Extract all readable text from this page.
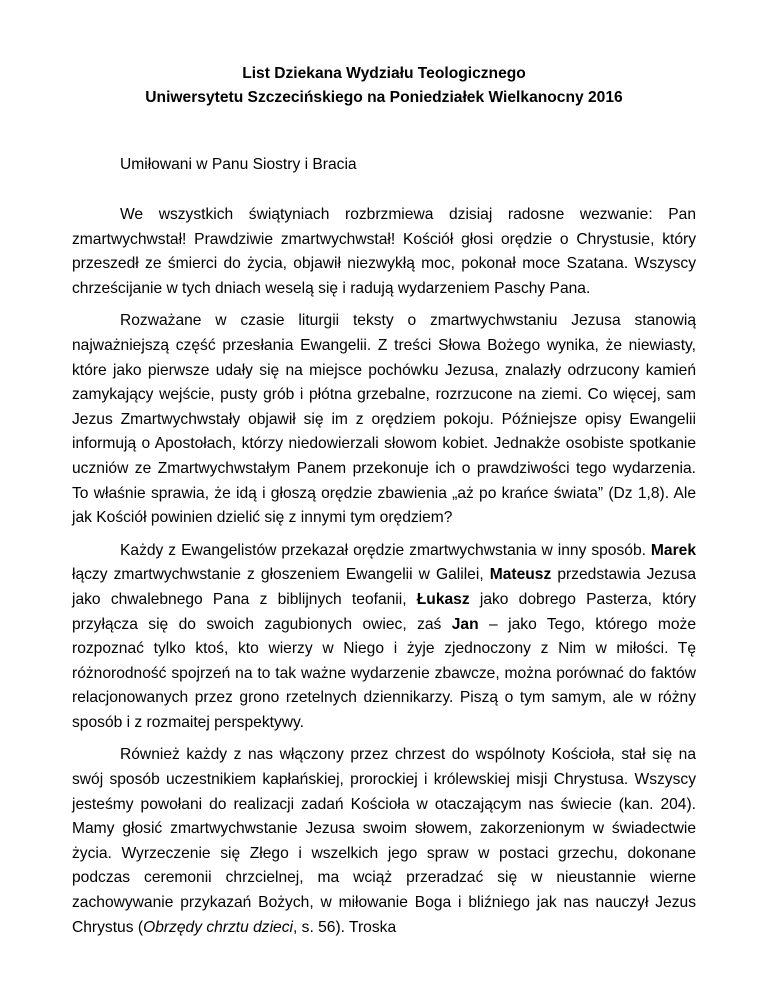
List Dziekana Wydziału Teologicznego
Uniwersytetu Szczecińskiego na Poniedziałek Wielkanocny 2016
Umiłowani w Panu Siostry i Bracia

We wszystkich świątyniach rozbrzmiewa dzisiaj radosne wezwanie: Pan zmartwychwstał! Prawdziwie zmartwychwstał! Kościół głosi orędzie o Chrystusie, który przeszedł ze śmierci do życia, objawił niezwykłą moc, pokonał moce Szatana. Wszyscy chrześcijanie w tych dniach weselą się i radują wydarzeniem Paschy Pana.

Rozważane w czasie liturgii teksty o zmartwychwstaniu Jezusa stanowią najważniejszą część przesłania Ewangelii. Z treści Słowa Bożego wynika, że niewiasty, które jako pierwsze udały się na miejsce pochówku Jezusa, znalazły odrzucony kamień zamykający wejście, pusty grób i płótna grzebalne, rozrzucone na ziemi. Co więcej, sam Jezus Zmartwychwstały objawił się im z orędziem pokoju. Późniejsze opisy Ewangelii informują o Apostołach, którzy niedowierzali słowom kobiet. Jednakże osobiste spotkanie uczniów ze Zmartwychwstałym Panem przekonuje ich o prawdziwości tego wydarzenia. To właśnie sprawia, że idą i głoszą orędzie zbawienia „aż po krańce świata” (Dz 1,8). Ale jak Kościół powinien dzielić się z innymi tym orędziem?

Każdy z Ewangelistów przekazał orędzie zmartwychwstania w inny sposób. Marek łączy zmartwychwstanie z głoszeniem Ewangelii w Galilei, Mateusz przedstawia Jezusa jako chwalebnego Pana z biblijnych teofanii, Łukasz jako dobrego Pasterza, który przyłącza się do swoich zagubionych owiec, zaś Jan – jako Tego, którego może rozpoznać tylko ktoś, kto wierzy w Niego i żyje zjednoczony z Nim w miłości. Tę różnorodność spojrzeń na to tak ważne wydarzenie zbawcze, można porównać do faktów relacjonowanych przez grono rzetelnych dziennikarzy. Piszą o tym samym, ale w różny sposób i z rozmaitej perspektywy.

Również każdy z nas włączony przez chrzest do wspólnoty Kościoła, stał się na swój sposób uczestnikiem kapłańskiej, prorockiej i królewskiej misji Chrystusa. Wszyscy jesteśmy powołani do realizacji zadań Kościoła w otaczającym nas świecie (kan. 204). Mamy głosić zmartwychwstanie Jezusa swoim słowem, zakorzenionym w świadectwie życia. Wyrzeczenie się Złego i wszelkich jego spraw w postaci grzechu, dokonane podczas ceremonii chrzcielnej, ma wciąż przeradzać się w nieustannie wierne zachowywanie przykazań Bożych, w miłowanie Boga i bliźniego jak nas nauczył Jezus Chrystus (Obrzędy chrztu dzieci, s. 56). Troska
